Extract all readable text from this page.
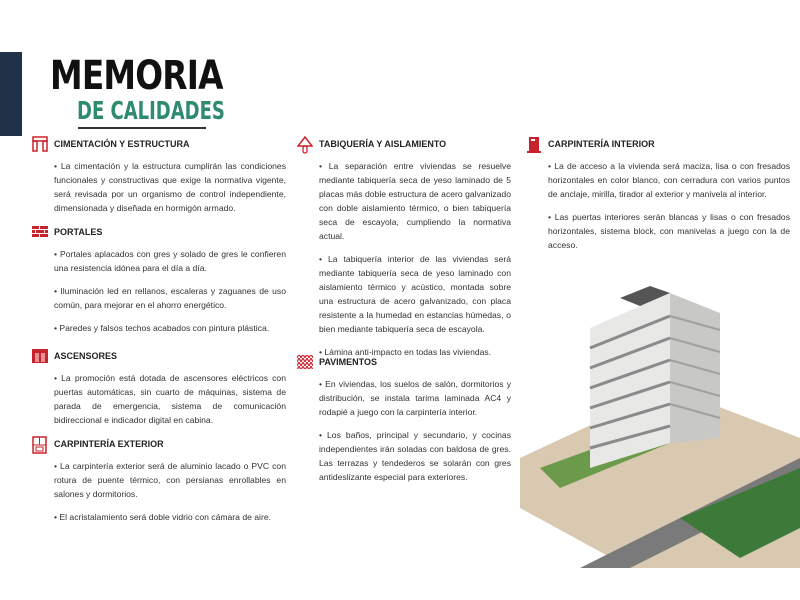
MEMORIA
DE CALIDADES
CIMENTACIÓN Y ESTRUCTURA

• La cimentación y la estructura cumplirán las condiciones funcionales y constructivas que exige la normativa vigente, será revisada por un organismo de control independiente, dimensionada y diseñada en hormigón armado.

PORTALES

• Portales aplacados con gres y solado de gres le confieren una resistencia idónea para el día a día.

• Iluminación led en rellanos, escaleras y zaguanes de uso común, para mejorar en el ahorro energético.

• Paredes y falsos techos acabados con pintura plástica.

ASCENSORES

• La promoción está dotada de ascensores eléctricos con puertas automáticas, sin cuarto de máquinas, sistema de parada de emergencia, sistema de comunicación bidireccional e indicador digital en cabina.

CARPINTERÍA EXTERIOR

• La carpintería exterior será de aluminio lacado o PVC con rotura de puente térmico, con persianas enrollables en salones y dormitorios.

• El acristalamiento será doble vidrio con cámara de aire.

TABIQUERÍA Y AISLAMIENTO

• La separación entre viviendas se resuelve mediante tabiquería seca de yeso laminado de 5 placas más doble estructura de acero galvanizado con doble aislamiento térmico, o bien tabiquería seca de escayola, cumpliendo la normativa actual.

• La tabiquería interior de las viviendas será mediante tabiquería seca de yeso laminado con aislamiento térmico y acústico, montada sobre una estructura de acero galvanizado, con placa resistente a la humedad en estancias húmedas, o bien mediante tabiquería seca de escayola.

• Lámina anti-impacto en todas las viviendas.

PAVIMENTOS

• En viviendas, los suelos de salón, dormitorios y distribución, se instala tarima laminada AC4 y rodapié a juego con la carpintería interior.

• Los baños, principal y secundario, y cocinas independientes irán soladas con baldosa de gres. Las terrazas y tendederos se solarán con gres antideslizante especial para exteriores.

CARPINTERÍA INTERIOR

• La de acceso a la vivienda será maciza, lisa o con fresados horizontales en color blanco, con cerradura con varios puntos de anclaje, mirilla, tirador al exterior y manivela al interior.

• Las puertas interiores serán blancas y lisas o con fresados horizontales, sistema block, con manivelas a juego con la de acceso.
